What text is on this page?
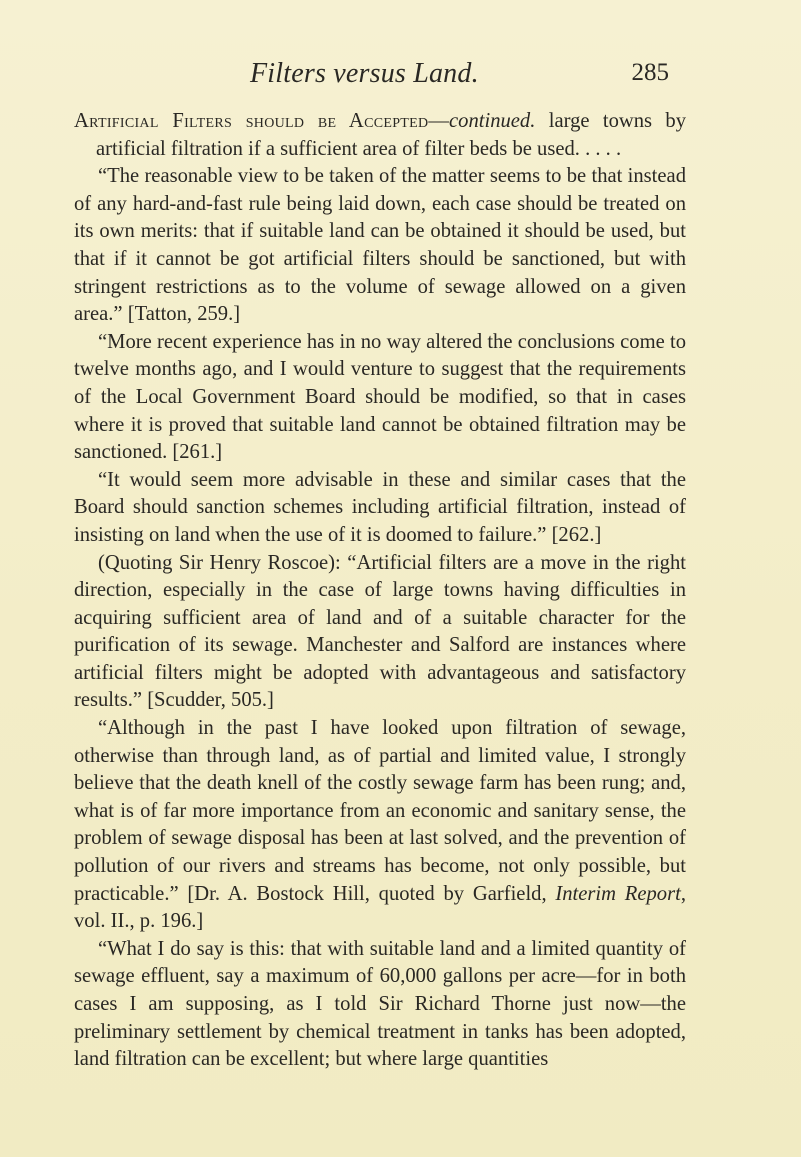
Filters versus Land.	285

Artificial Filters should be Accepted—continued. large towns by artificial filtration if a sufficient area of filter beds be used. . . . .

“The reasonable view to be taken of the matter seems to be that instead of any hard-and-fast rule being laid down, each case should be treated on its own merits: that if suitable land can be obtained it should be used, but that if it cannot be got artificial filters should be sanctioned, but with stringent restrictions as to the volume of sewage allowed on a given area.” [Tatton, 259.]

“More recent experience has in no way altered the conclusions come to twelve months ago, and I would venture to suggest that the requirements of the Local Government Board should be modified, so that in cases where it is proved that suitable land cannot be obtained filtration may be sanctioned. [261.]

“It would seem more advisable in these and similar cases that the Board should sanction schemes including artificial filtration, instead of insisting on land when the use of it is doomed to failure.” [262.]

(Quoting Sir Henry Roscoe): “Artificial filters are a move in the right direction, especially in the case of large towns having difficulties in acquiring sufficient area of land and of a suitable character for the purification of its sewage. Manchester and Salford are instances where artificial filters might be adopted with advantageous and satisfactory results.” [Scudder, 505.]

“Although in the past I have looked upon filtration of sewage, otherwise than through land, as of partial and limited value, I strongly believe that the death knell of the costly sewage farm has been rung; and, what is of far more importance from an economic and sanitary sense, the problem of sewage disposal has been at last solved, and the prevention of pollution of our rivers and streams has become, not only possible, but practicable.” [Dr. A. Bostock Hill, quoted by Garfield, Interim Report, vol. II., p. 196.]

“What I do say is this: that with suitable land and a limited quantity of sewage effluent, say a maximum of 60,000 gallons per acre—for in both cases I am supposing, as I told Sir Richard Thorne just now—the preliminary settlement by chemical treatment in tanks has been adopted, land filtration can be excellent; but where large quantities
